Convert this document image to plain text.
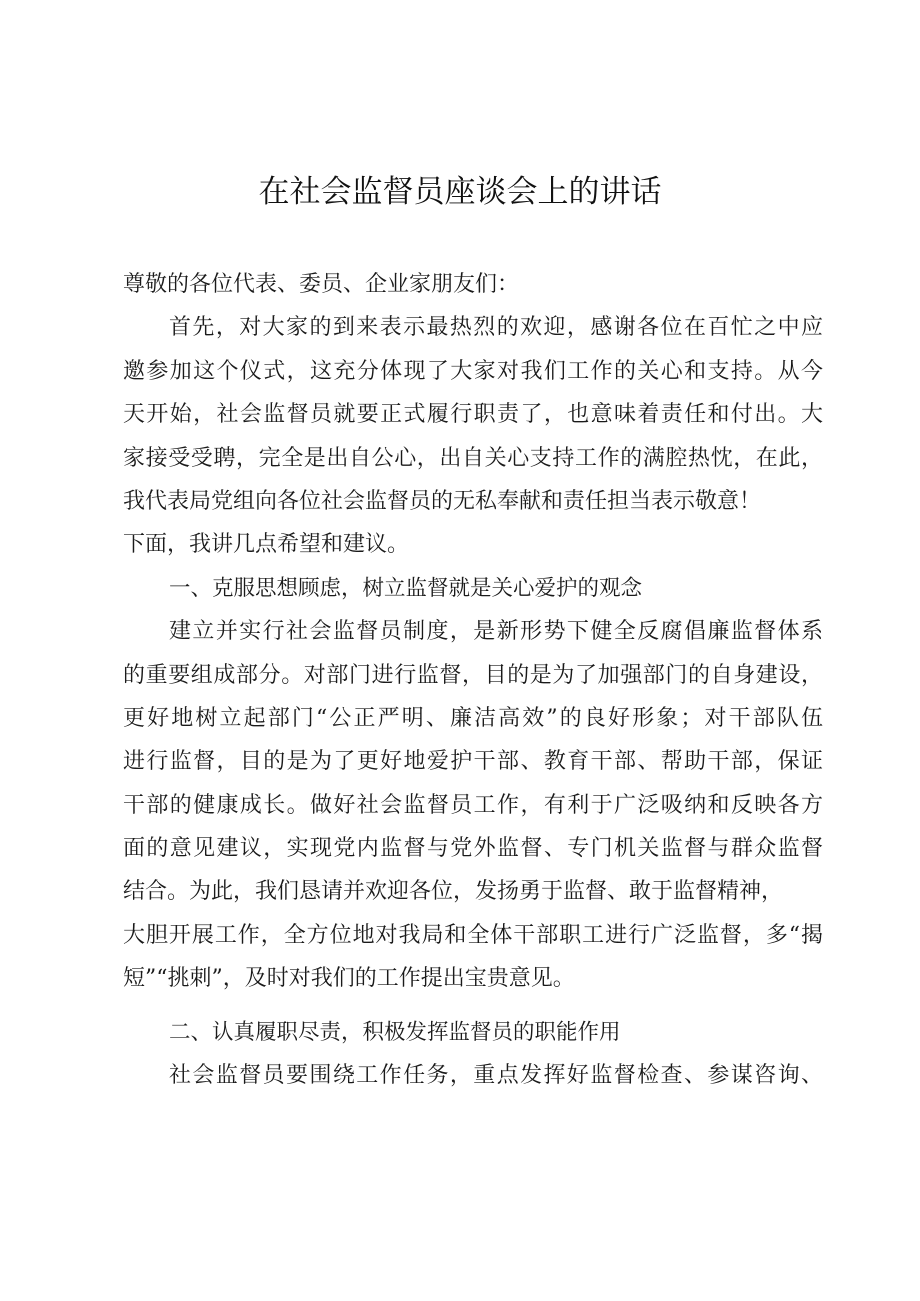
在社会监督员座谈会上的讲话

尊敬的各位代表、委员、企业家朋友们：

首先，对大家的到来表示最热烈的欢迎，感谢各位在百忙之中应

邀参加这个仪式，这充分体现了大家对我们工作的关心和支持。从今

天开始，社会监督员就要正式履行职责了，也意味着责任和付出。大

家接受受聘，完全是出自公心，出自关心支持工作的满腔热忱，在此，

我代表局党组向各位社会监督员的无私奉献和责任担当表示敬意！

下面，我讲几点希望和建议。

一、克服思想顾虑，树立监督就是关心爱护的观念

建立并实行社会监督员制度，是新形势下健全反腐倡廉监督体系

的重要组成部分。对部门进行监督，目的是为了加强部门的自身建设，

更好地树立起部门“公正严明、廉洁高效”的良好形象；对干部队伍

进行监督，目的是为了更好地爱护干部、教育干部、帮助干部，保证

干部的健康成长。做好社会监督员工作，有利于广泛吸纳和反映各方

面的意见建议，实现党内监督与党外监督、专门机关监督与群众监督

结合。为此，我们恳请并欢迎各位，发扬勇于监督、敢于监督精神，

大胆开展工作，全方位地对我局和全体干部职工进行广泛监督，多“揭

短”“挑刺”，及时对我们的工作提出宝贵意见。

二、认真履职尽责，积极发挥监督员的职能作用

社会监督员要围绕工作任务，重点发挥好监督检查、参谋咨询、
